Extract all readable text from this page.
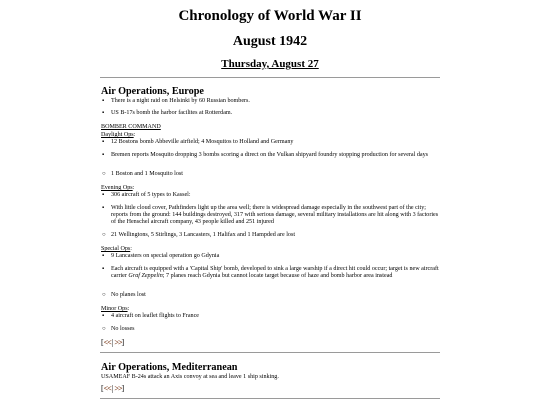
Chronology of World War II
August 1942
Thursday, August 27
Air Operations, Europe
▪ There is a night raid on Helsinki by 60 Russian bombers.
▪ US B-17s bomb the harbor facilites at Rotterdam.
BOMBER COMMAND
Daylight Ops:
▪ 12 Bostons bomb Abbeville airfield; 4 Mosquitos to Holland and Germany
▪ Bremen reports Mosquito dropping 3 bombs scoring a direct on the Vulkan shipyard foundry stopping production for several days
○ 1 Boston and 1 Mosquito lost
Evening Ops:
▪ 306 aircraft of 5 types to Kassel:
▪ With little cloud cover, Pathfinders light up the area well; there is widespread damage especially in the southwest part of the city; reports from the ground: 144 buildings destroyed, 317 with serious damage, several military installations are hit along with 3 factories of the Henschel aircraft company, 43 people killed and 251 injured
○ 21 Wellingtons, 5 Stirlings, 3 Lancasters, 1 Halifax and 1 Hampded are lost
Special Ops:
▪ 9 Lancasters on special operation go Gdynia
▪ Each aircraft is equipped with a 'Capital Ship' bomb, developed to sink a large warship if a direct hit could occur; target is new aircraft carrier Graf Zeppelin; 7 planes reach Gdynia but cannot locate target because of haze and bomb harbor area instead
○ No planes lost
Minor Ops:
▪ 4 aircraft on leaflet flights to France
○ No losses
[<<|>>]
Air Operations, Mediterranean
USAMEAF B-24s attack an Axis convoy at sea and leave 1 ship sinking.
[<<|>>]
